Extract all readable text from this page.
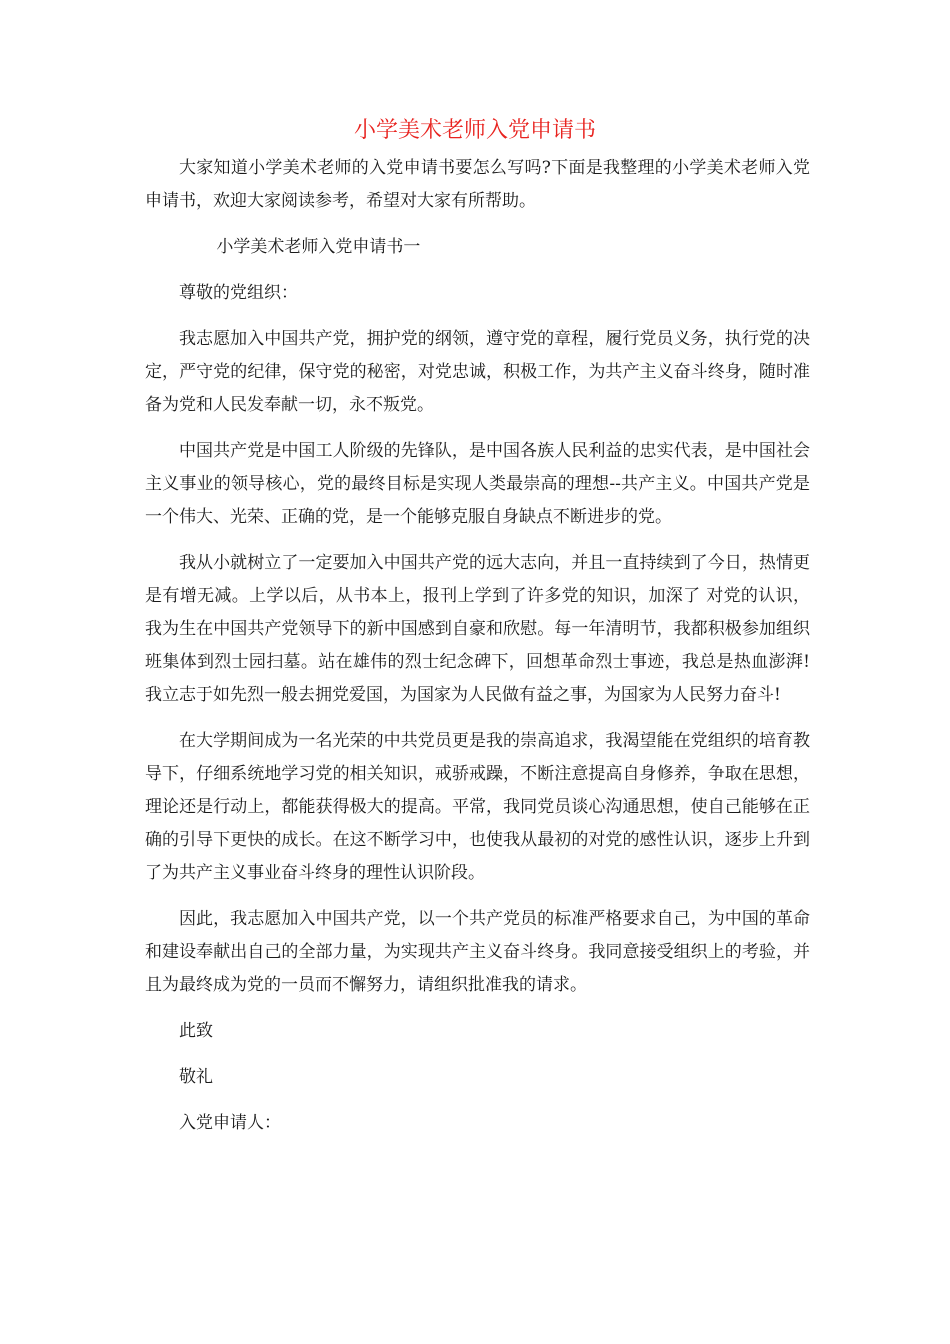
小学美术老师入党申请书

大家知道小学美术老师的入党申请书要怎么写吗?下面是我整理的小学美术老师入党申请书，欢迎大家阅读参考，希望对大家有所帮助。

小学美术老师入党申请书一

尊敬的党组织：

我志愿加入中国共产党，拥护党的纲领，遵守党的章程，履行党员义务，执行党的决定，严守党的纪律，保守党的秘密，对党忠诚，积极工作，为共产主义奋斗终身，随时准备为党和人民发奉献一切，永不叛党。

中国共产党是中国工人阶级的先锋队，是中国各族人民利益的忠实代表，是中国社会主义事业的领导核心，党的最终目标是实现人类最崇高的理想--共产主义。中国共产党是一个伟大、光荣、正确的党，是一个能够克服自身缺点不断进步的党。

我从小就树立了一定要加入中国共产党的远大志向，并且一直持续到了今日，热情更是有增无减。上学以后，从书本上，报刊上学到了许多党的知识，加深了 对党的认识，我为生在中国共产党领导下的新中国感到自豪和欣慰。每一年清明节，我都积极参加组织班集体到烈士园扫墓。站在雄伟的烈士纪念碑下，回想革命烈士事迹，我总是热血澎湃!我立志于如先烈一般去拥党爱国，为国家为人民做有益之事，为国家为人民努力奋斗!

在大学期间成为一名光荣的中共党员更是我的崇高追求，我渴望能在党组织的培育教导下，仔细系统地学习党的相关知识，戒骄戒躁，不断注意提高自身修养，争取在思想，理论还是行动上，都能获得极大的提高。平常，我同党员谈心沟通思想，使自己能够在正确的引导下更快的成长。在这不断学习中，也使我从最初的对党的感性认识，逐步上升到了为共产主义事业奋斗终身的理性认识阶段。

因此，我志愿加入中国共产党，以一个共产党员的标准严格要求自己，为中国的革命和建设奉献出自己的全部力量，为实现共产主义奋斗终身。我同意接受组织上的考验，并且为最终成为党的一员而不懈努力，请组织批准我的请求。

此致

敬礼

入党申请人：
